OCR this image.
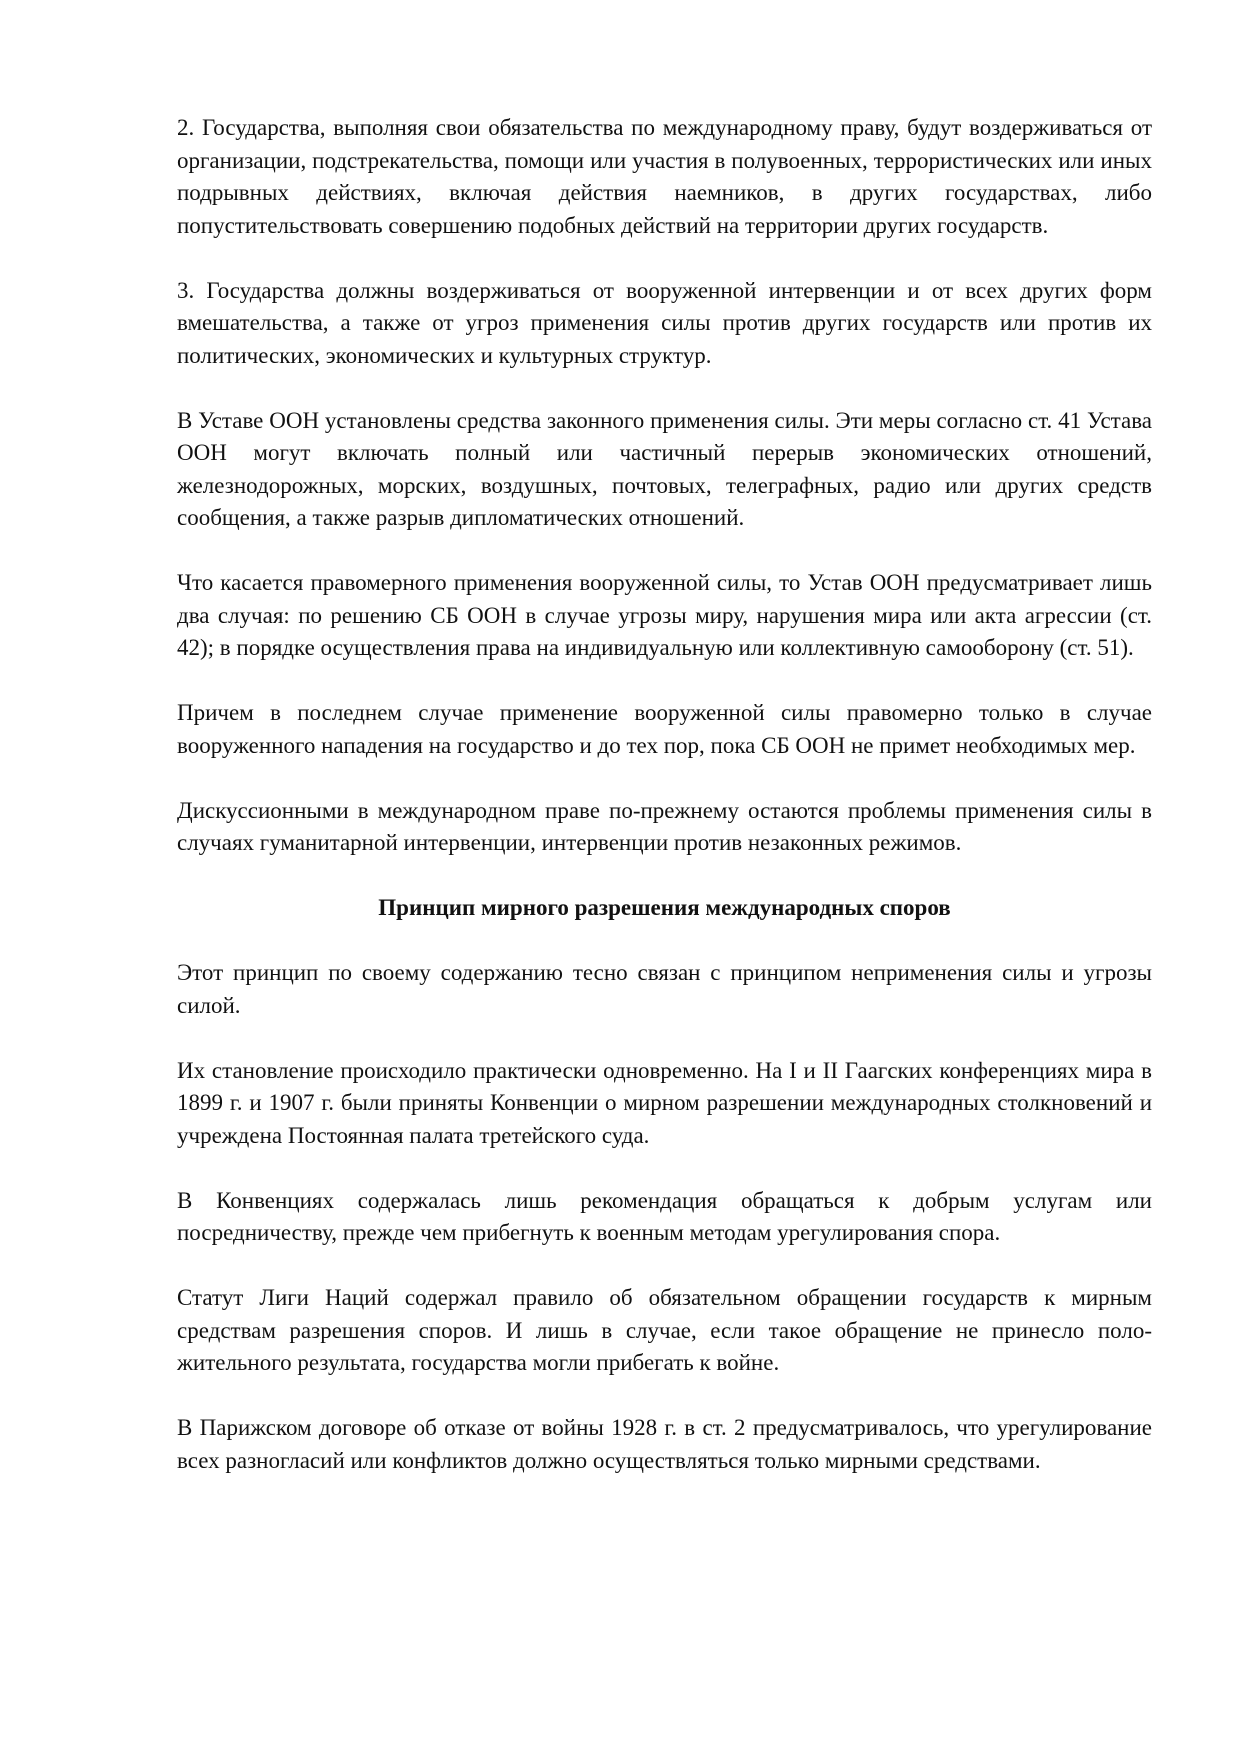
2. Государства, выполняя свои обязательства по международному праву, будут воздерживаться от организации, подстрекательства, помощи или участия в полувоенных, террористических или иных подрывных действиях, включая действия наемников, в других государствах, либо попустительствовать совершению подобных действий на территории других государств.

3. Государства должны воздерживаться от вооруженной интервенции и от всех других форм вмешательства, а также от угроз применения силы против других государств или против их политических, экономических и культурных структур.

В Уставе ООН установлены средства законного применения силы. Эти меры согласно ст. 41 Устава ООН могут включать полный или частичный перерыв экономических отношений, железнодорожных, морских, воздушных, почтовых, телеграфных, радио или других средств сообщения, а также разрыв дипломатических отношений.

Что касается правомерного применения вооруженной силы, то Устав ООН предусматривает лишь два случая: по решению СБ ООН в случае угрозы миру, нарушения мира или акта агрессии (ст. 42); в порядке осуществления права на индивидуальную или коллективную самооборону (ст. 51).

Причем в последнем случае применение вооруженной силы правомерно только в случае вооруженного нападения на государство и до тех пор, пока СБ ООН не примет необходимых мер.

Дискуссионными в международном праве по-прежнему остаются проблемы применения силы в случаях гуманитарной интервенции, интервенции против незаконных режимов.

Принцип мирного разрешения международных споров

Этот принцип по своему содержанию тесно связан с принципом неприменения силы и угрозы силой.

Их становление происходило практически одновременно. На I и II Гаагских конференциях мира в 1899 г. и 1907 г. были приняты Конвенции о мирном разрешении международных столкновений и учреждена Постоянная палата третейского суда.

В Конвенциях содержалась лишь рекомендация обращаться к добрым услугам или посредничеству, прежде чем прибегнуть к военным методам урегулирования спора.

Статут Лиги Наций содержал правило об обязательном обращении государств к мирным средствам разрешения споров. И лишь в случае, если такое обращение не принесло положительного результата, государства могли прибегать к войне.

В Парижском договоре об отказе от войны 1928 г. в ст. 2 предусматривалось, что урегулирование всех разногласий или конфликтов должно осуществляться только мирными средствами.
